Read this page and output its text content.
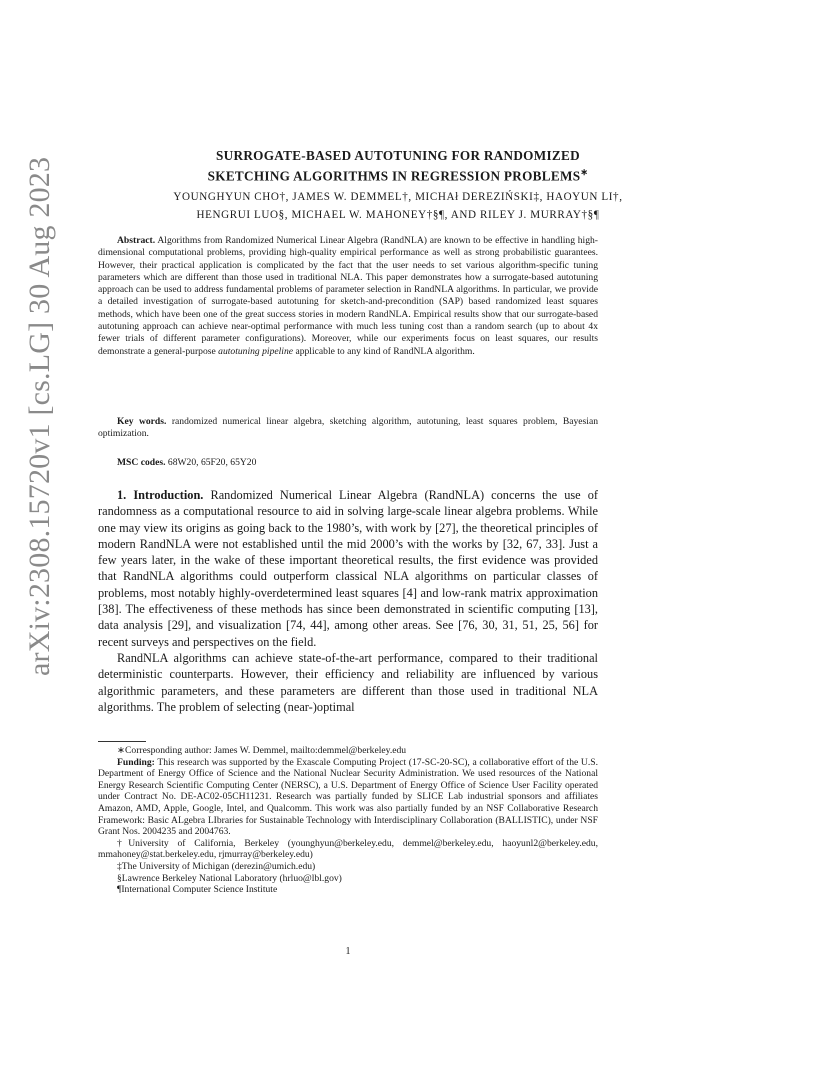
arXiv:2308.15720v1 [cs.LG] 30 Aug 2023
SURROGATE-BASED AUTOTUNING FOR RANDOMIZED
SKETCHING ALGORITHMS IN REGRESSION PROBLEMS∗
YOUNGHYUN CHO†, JAMES W. DEMMEL†, MICHAł DEREZIŃSKI‡, HAOYUN LI†,
HENGRUI LUO§, MICHAEL W. MAHONEY†§¶, AND RILEY J. MURRAY†§¶
Abstract. Algorithms from Randomized Numerical Linear Algebra (RandNLA) are known to be effective in handling high-dimensional computational problems, providing high-quality empirical performance as well as strong probabilistic guarantees. However, their practical application is complicated by the fact that the user needs to set various algorithm-specific tuning parameters which are different than those used in traditional NLA. This paper demonstrates how a surrogate-based autotuning approach can be used to address fundamental problems of parameter selection in RandNLA algorithms. In particular, we provide a detailed investigation of surrogate-based autotuning for sketch-and-precondition (SAP) based randomized least squares methods, which have been one of the great success stories in modern RandNLA. Empirical results show that our surrogate-based autotuning approach can achieve near-optimal performance with much less tuning cost than a random search (up to about 4x fewer trials of different parameter configurations). Moreover, while our experiments focus on least squares, our results demonstrate a general-purpose autotuning pipeline applicable to any kind of RandNLA algorithm.
Key words. randomized numerical linear algebra, sketching algorithm, autotuning, least squares problem, Bayesian optimization.
MSC codes. 68W20, 65F20, 65Y20

1. Introduction. Randomized Numerical Linear Algebra (RandNLA) concerns the use of randomness as a computational resource to aid in solving large-scale linear algebra problems. While one may view its origins as going back to the 1980’s, with work by [27], the theoretical principles of modern RandNLA were not established until the mid 2000’s with the works by [32, 67, 33]. Just a few years later, in the wake of these important theoretical results, the first evidence was provided that RandNLA algorithms could outperform classical NLA algorithms on particular classes of problems, most notably highly-overdetermined least squares [4] and low-rank matrix approximation [38]. The effectiveness of these methods has since been demonstrated in scientific computing [13], data analysis [29], and visualization [74, 44], among other areas. See [76, 30, 31, 51, 25, 56] for recent surveys and perspectives on the field.

RandNLA algorithms can achieve state-of-the-art performance, compared to their traditional deterministic counterparts. However, their efficiency and reliability are influenced by various algorithmic parameters, and these parameters are different than those used in traditional NLA algorithms. The problem of selecting (near-)optimal

∗Corresponding author: James W. Demmel, mailto:demmel@berkeley.edu

Funding: This research was supported by the Exascale Computing Project (17-SC-20-SC), a collaborative effort of the U.S. Department of Energy Office of Science and the National Nuclear Security Administration. We used resources of the National Energy Research Scientific Computing Center (NERSC), a U.S. Department of Energy Office of Science User Facility operated under Contract No. DE-AC02-05CH11231. Research was partially funded by SLICE Lab industrial sponsors and affiliates Amazon, AMD, Apple, Google, Intel, and Qualcomm. This work was also partially funded by an NSF Collaborative Research Framework: Basic ALgebra LIbraries for Sustainable Technology with Interdisciplinary Collaboration (BALLISTIC), under NSF Grant Nos. 2004235 and 2004763.

†University of California, Berkeley (younghyun@berkeley.edu, demmel@berkeley.edu, haoyunl2@berkeley.edu, mmahoney@stat.berkeley.edu, rjmurray@berkeley.edu)

‡The University of Michigan (derezin@umich.edu)

§Lawrence Berkeley National Laboratory (hrluo@lbl.gov)

¶International Computer Science Institute

1
